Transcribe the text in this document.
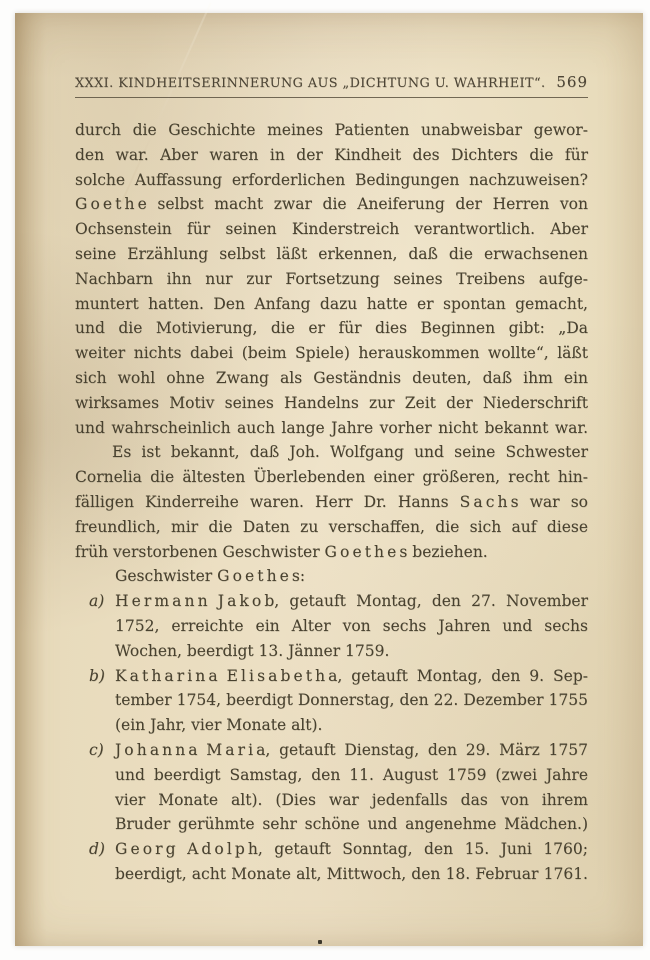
XXXI. KINDHEITSERINNERUNG AUS „DICHTUNG U. WAHRHEIT“. 569
durch die Geschichte meines Patienten unabweisbar gewor-
den war. Aber waren in der Kindheit des Dichters die für
solche Auffassung erforderlichen Bedingungen nachzuweisen?
G o e t h e selbst macht zwar die Aneiferung der Herren von
Ochsenstein für seinen Kinderstreich verantwortlich. Aber
seine Erzählung selbst läßt erkennen, daß die erwachsenen
Nachbarn ihn nur zur Fortsetzung seines Treibens aufge-
muntert hatten. Den Anfang dazu hatte er spontan gemacht,
und die Motivierung, die er für dies Beginnen gibt: „Da
weiter nichts dabei (beim Spiele) herauskommen wollte“, läßt
sich wohl ohne Zwang als Geständnis deuten, daß ihm ein
wirksames Motiv seines Handelns zur Zeit der Niederschrift
und wahrscheinlich auch lange Jahre vorher nicht bekannt war.
Es ist bekannt, daß Joh. Wolfgang und seine Schwester
Cornelia die ältesten Überlebenden einer größeren, recht hin-
fälligen Kinderreihe waren. Herr Dr. Hanns S a c h s war so
freundlich, mir die Daten zu verschaffen, die sich auf diese
früh verstorbenen Geschwister G o e t h e s beziehen.
Geschwister G o e t h e s:
a) H e r m a n n J a k o b, getauft Montag, den 27. November
1752, erreichte ein Alter von sechs Jahren und sechs
Wochen, beerdigt 13. Jänner 1759.
b) K a t h a r i n a E l i s a b e t h a, getauft Montag, den 9. Sep-
tember 1754, beerdigt Donnerstag, den 22. Dezember 1755
(ein Jahr, vier Monate alt).
c) J o h a n n a M a r i a, getauft Dienstag, den 29. März 1757
und beerdigt Samstag, den 11. August 1759 (zwei Jahre
vier Monate alt). (Dies war jedenfalls das von ihrem
Bruder gerühmte sehr schöne und angenehme Mädchen.)
d) G e o r g A d o l p h, getauft Sonntag, den 15. Juni 1760;
beerdigt, acht Monate alt, Mittwoch, den 18. Februar 1761.
